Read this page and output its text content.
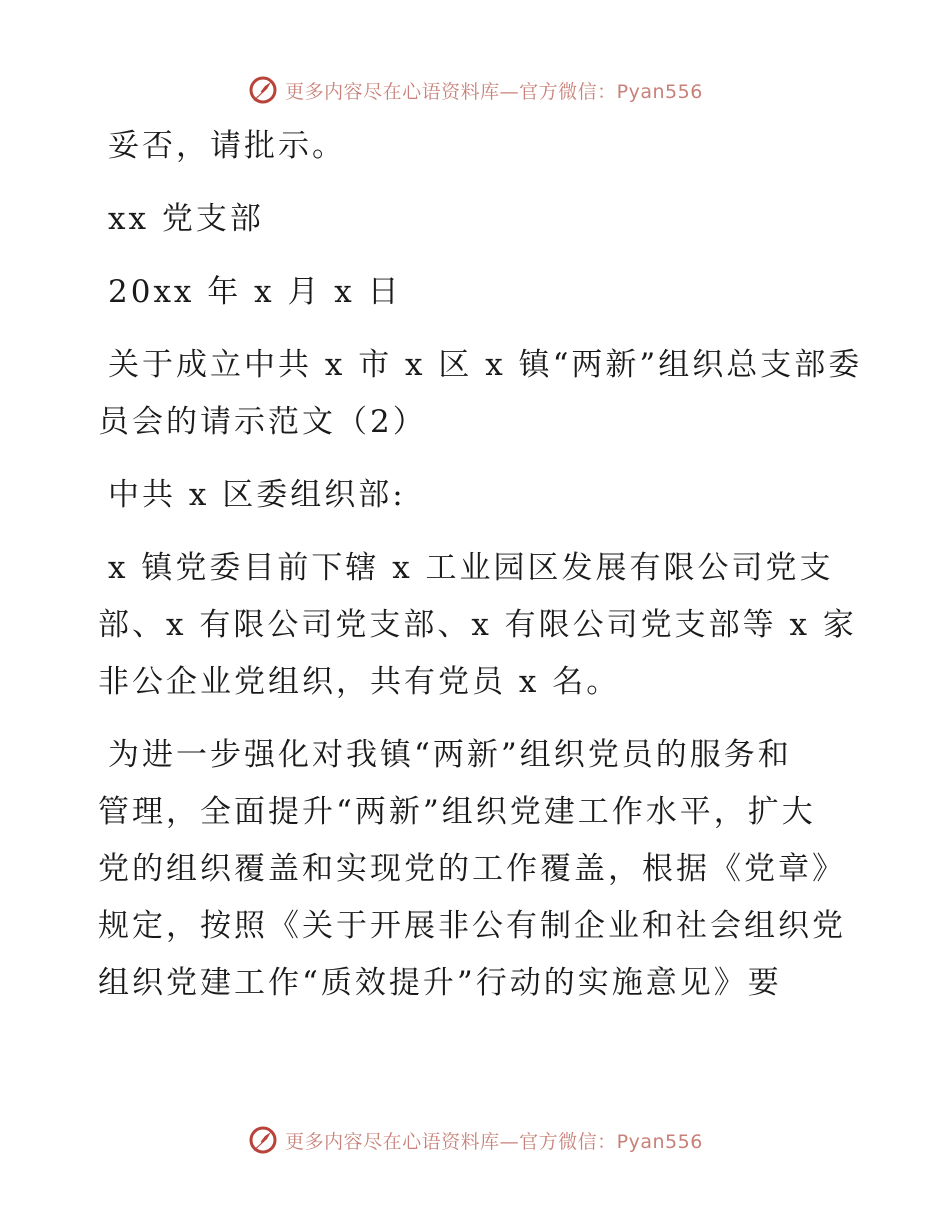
更多内容尽在心语资料库—官方微信：Pyan556
妥否，请批示。
xx 党支部
20xx 年 x 月 x 日
关于成立中共 x 市 x 区 x 镇“两新”组织总支部委
员会的请示范文（2）
中共 x 区委组织部:
x 镇党委目前下辖 x 工业园区发展有限公司党支
部、x 有限公司党支部、x 有限公司党支部等 x 家
非公企业党组织，共有党员 x 名。
为进一步强化对我镇“两新”组织党员的服务和
管理，全面提升“两新”组织党建工作水平，扩大
党的组织覆盖和实现党的工作覆盖，根据《党章》
规定，按照《关于开展非公有制企业和社会组织党
组织党建工作“质效提升”行动的实施意见》要
更多内容尽在心语资料库—官方微信：Pyan556
